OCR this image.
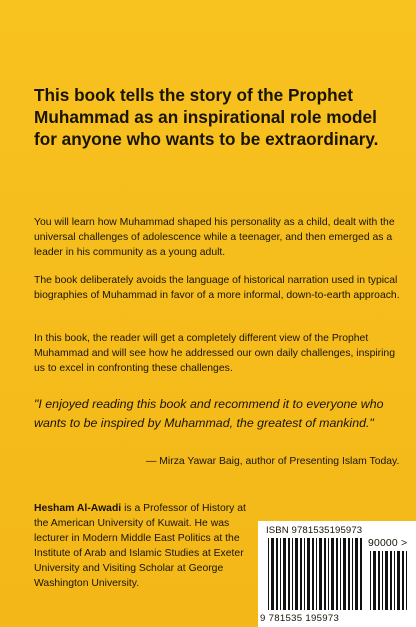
This book tells the story of the Prophet Muhammad as an inspirational role model for anyone who wants to be extraordinary.

You will learn how Muhammad shaped his personality as a child, dealt with the universal challenges of adolescence while a teenager, and then emerged as a leader in his community as a young adult.

The book deliberately avoids the language of historical narration used in typical biographies of Muhammad in favor of a more informal, down-to-earth approach.

In this book, the reader will get a completely different view of the Prophet Muhammad and will see how he addressed our own daily challenges, inspiring us to excel in confronting these challenges.

"I enjoyed reading this book and recommend it to everyone who wants to be inspired by Muhammad, the greatest of mankind."

— Mirza Yawar Baig, author of Presenting Islam Today.

Hesham Al-Awadi is a Professor of History at the American University of Kuwait. He was lecturer in Modern Middle East Politics at the Institute of Arab and Islamic Studies at Exeter University and Visiting Scholar at George Washington University.

ISBN 9781535195973
90000 >
9 781535 195973
